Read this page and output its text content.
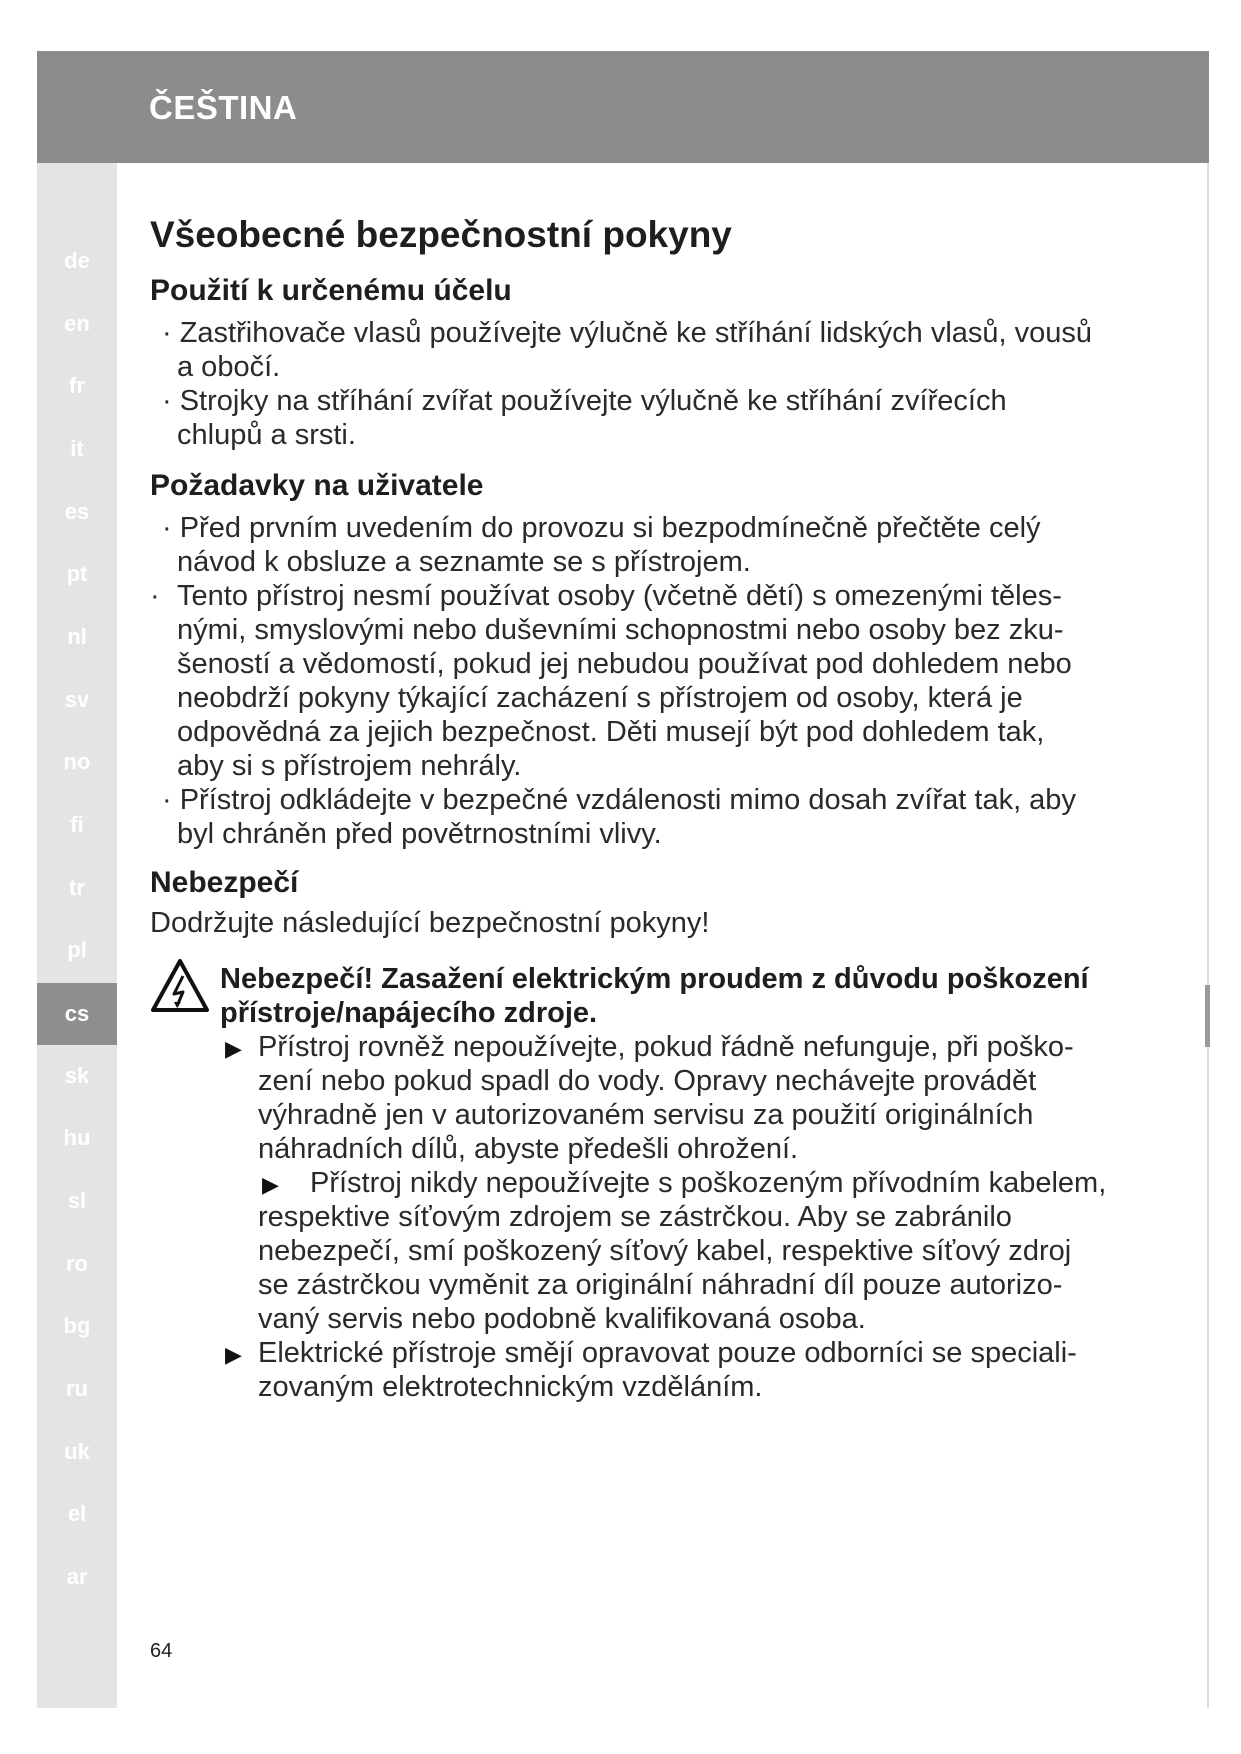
ČEŠTINA
de
en
fr
it
es
pt
nl
sv
no
fi
tr
pl
cs
sk
hu
sl
ro
bg
ru
uk
el
ar
Všeobecné bezpečnostní pokyny
Použití k určenému účelu
· Zastřihovače vlasů používejte výlučně ke stříhání lidských vlasů, vousů
a obočí.
· Strojky na stříhání zvířat používejte výlučně ke stříhání zvířecích
chlupů a srsti.
Požadavky na uživatele
· Před prvním uvedením do provozu si bezpodmínečně přečtěte celý
návod k obsluze a seznamte se s přístrojem.
· Tento přístroj nesmí používat osoby (včetně dětí) s omezenými těles-
nými, smyslovými nebo duševními schopnostmi nebo osoby bez zku-
šeností a vědomostí, pokud jej nebudou používat pod dohledem nebo
neobdrží pokyny týkající zacházení s přístrojem od osoby, která je
odpovědná za jejich bezpečnost. Děti musejí být pod dohledem tak,
aby si s přístrojem nehrály.
· Přístroj odkládejte v bezpečné vzdálenosti mimo dosah zvířat tak, aby
byl chráněn před povětrnostními vlivy.
Nebezpečí
Dodržujte následující bezpečnostní pokyny!
Nebezpečí! Zasažení elektrickým proudem z důvodu poškození
přístroje/napájecího zdroje.
▶ Přístroj rovněž nepoužívejte, pokud řádně nefunguje, při poško-
zení nebo pokud spadl do vody. Opravy nechávejte provádět
výhradně jen v autorizovaném servisu za použití originálních
náhradních dílů, abyste předešli ohrožení.
▶ Přístroj nikdy nepoužívejte s poškozeným přívodním kabelem,
respektive síťovým zdrojem se zástrčkou. Aby se zabránilo
nebezpečí, smí poškozený síťový kabel, respektive síťový zdroj
se zástrčkou vyměnit za originální náhradní díl pouze autorizo-
vaný servis nebo podobně kvalifikovaná osoba.
▶ Elektrické přístroje smějí opravovat pouze odborníci se speciali-
zovaným elektrotechnickým vzděláním.
64
